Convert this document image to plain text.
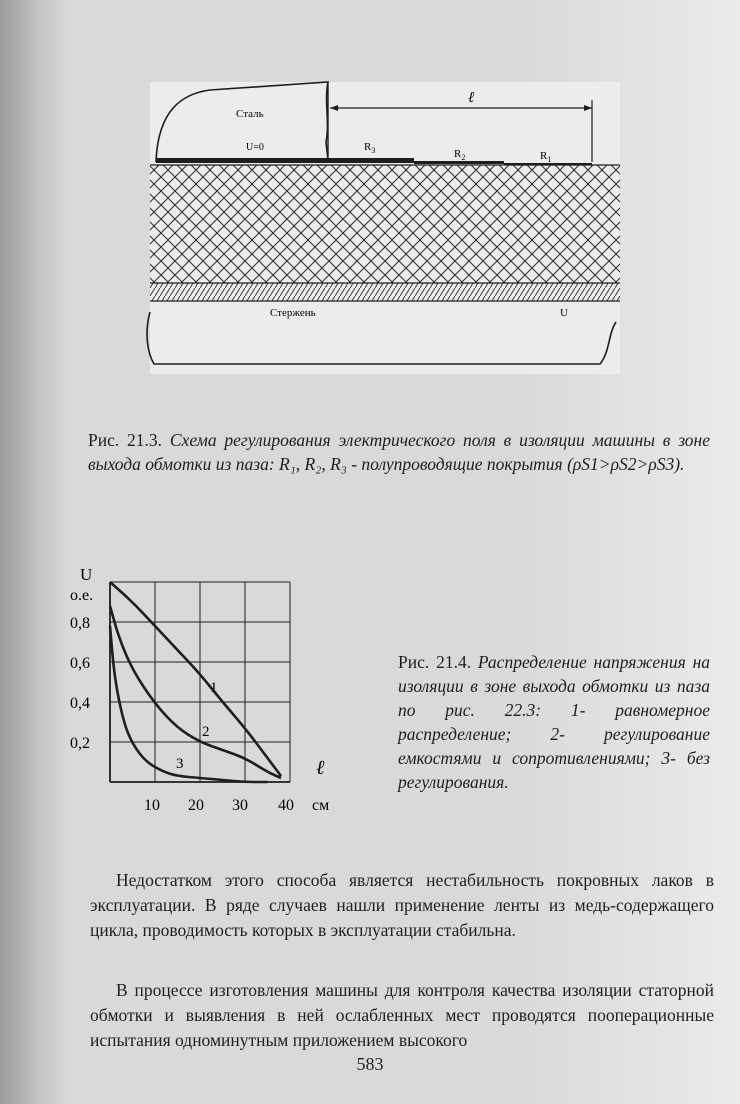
Сталь
U=0
ℓ
$R_3$	$R_2$	$R_1$
Стержень	U
Рис. 21.3. Схема регулирования электрического поля в изоляции машины в зоне выхода обмотки из паза: R₁, R₂, R₃ - полупроводящие покрытия (ρS1>ρS2>ρS3).
U
о.е.
0,8
0,6
0,4
0,2
10 20 30 40 см
ℓ
1
2
3
Рис. 21.4. Распределение напряжения на изоляции в зоне выхода обмотки из паза по рис. 22.3: 1- равномерное распределение; 2- регулирование емкостями и сопротивлениями; 3- без регулирования.

Недостатком этого способа является нестабильность покровных лаков в эксплуатации. В ряде случаев нашли применение ленты из медь-содержащего цикла, проводимость которых в эксплуатации стабильна.

В процессе изготовления машины для контроля качества изоляции статорной обмотки и выявления в ней ослабленных мест проводятся пооперационные испытания одноминутным приложением высокого

583
